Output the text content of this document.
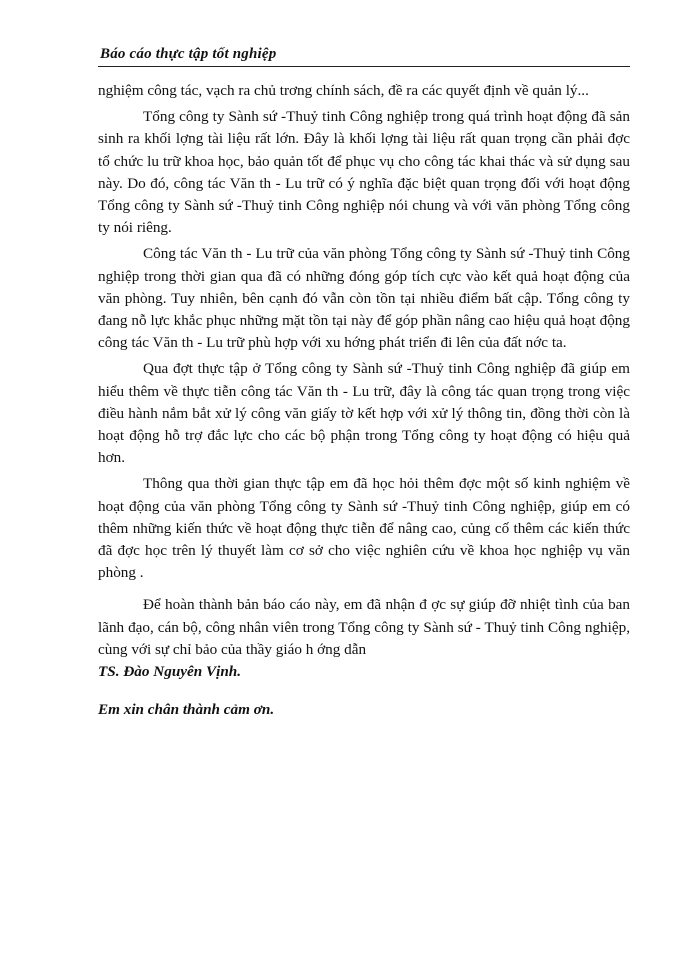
Báo cáo thực tập tốt nghiệp

nghiệm công tác, vạch ra chủ trơng chính sách, đề ra các quyết định về quản lý...

Tổng công ty Sành sứ -Thuỷ tinh Công nghiệp trong quá trình hoạt động đã sản sinh ra khối lợng tài liệu rất lớn. Đây là khối lợng tài liệu rất quan trọng cần phải đợc tổ chức lu trữ khoa học, bảo quản tốt để phục vụ cho công tác khai thác và sử dụng sau này. Do đó, công tác Văn th - Lu trữ có ý nghĩa đặc biệt quan trọng đối với hoạt động Tổng công ty Sành sứ -Thuỷ tinh Công nghiệp nói chung và với văn phòng Tổng công ty nói riêng.

Công tác Văn th - Lu trữ của văn phòng Tổng công ty Sành sứ -Thuỷ tinh Công nghiệp trong thời gian qua đã có những đóng góp tích cực vào kết quả hoạt động của văn phòng. Tuy nhiên, bên cạnh đó vẫn còn tồn tại nhiều điểm bất cập. Tổng công ty đang nỗ lực khắc phục những mặt tồn tại này để góp phần nâng cao hiệu quả hoạt động công tác Văn th - Lu trữ phù hợp với xu hớng phát triển đi lên của đất nớc ta.

Qua đợt thực tập ở Tổng công ty Sành sứ -Thuỷ tinh Công nghiệp đã giúp em hiểu thêm về thực tiễn công tác Văn th - Lu trữ, đây là công tác quan trọng trong việc điều hành nắm bắt xử lý công văn giấy tờ kết hợp với xử lý thông tin, đồng thời còn là hoạt động hỗ trợ đắc lực cho các bộ phận trong Tổng công ty hoạt động có hiệu quả hơn.

Thông qua thời gian thực tập em đã học hỏi thêm đợc một số kinh nghiệm về hoạt động của văn phòng Tổng công ty Sành sứ -Thuỷ tinh Công nghiệp, giúp em có thêm những kiến thức về hoạt động thực tiễn để nâng cao, củng cố thêm các kiến thức đã đợc học trên lý thuyết làm cơ sở cho việc nghiên cứu về khoa học nghiệp vụ văn phòng .

Để hoàn thành bản báo cáo này, em đã nhận đ ợc sự giúp đỡ nhiệt tình của ban lãnh đạo, cán bộ, công nhân viên trong Tổng công ty Sành sứ - Thuỷ tinh Công nghiệp, cùng với sự chỉ bảo của thầy giáo h ớng dẫn
TS. Đào Nguyên Vịnh.

Em xin chân thành cảm ơn.
